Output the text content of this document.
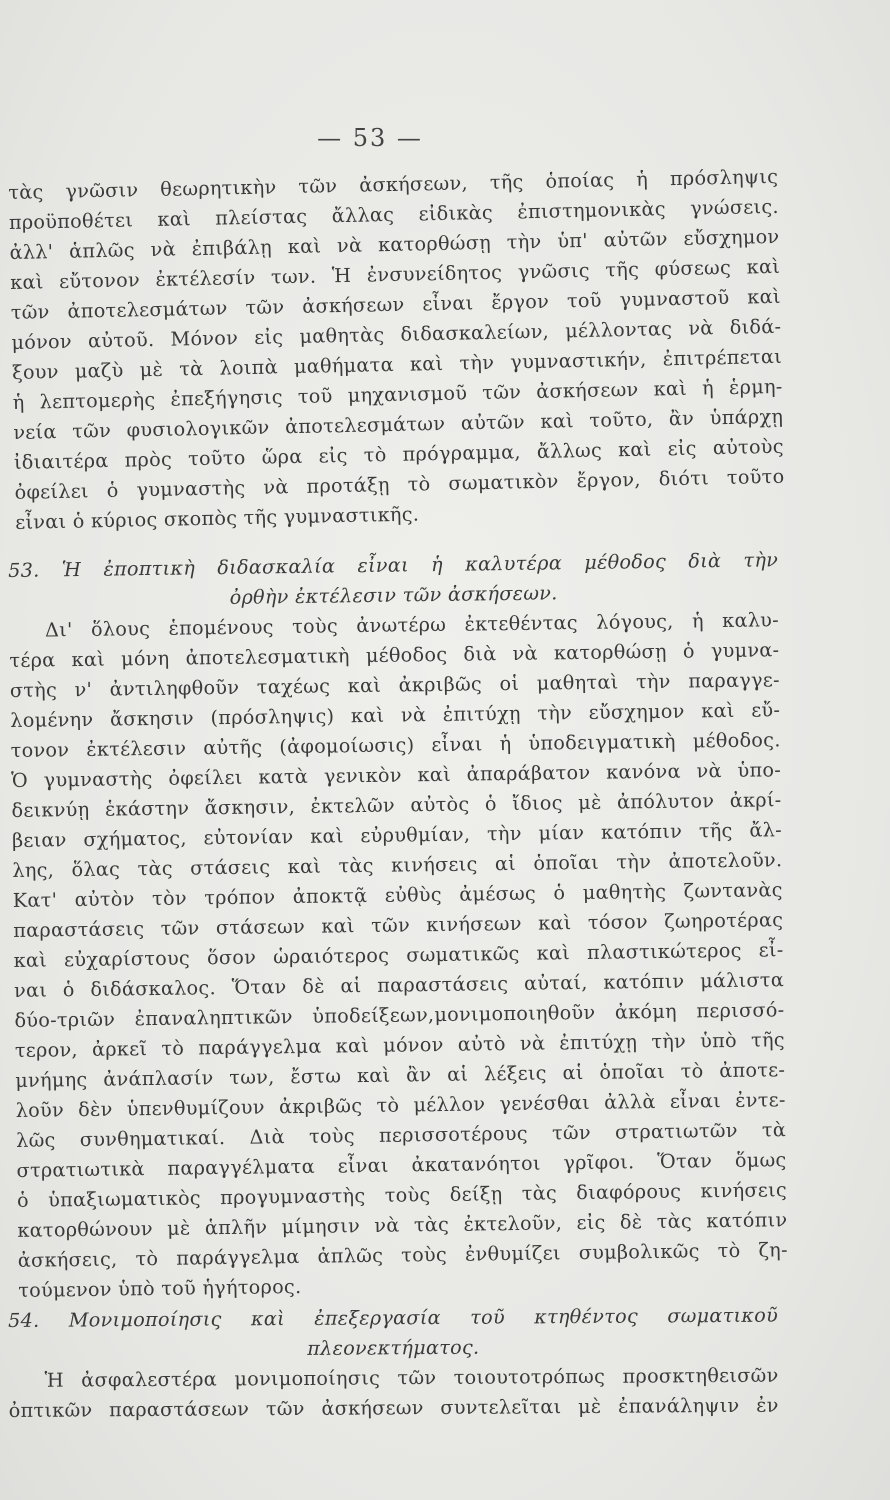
— 53 —
τὰς γνῶσιν θεωρητικὴν τῶν ἀσκήσεων, τῆς ὁποίας ἡ πρόσληψις
προϋποθέτει καὶ πλείστας ἄλλας εἰδικὰς ἐπιστημονικὰς γνώσεις.
ἀλλ' ἁπλῶς νὰ ἐπιβάλῃ καὶ νὰ κατορθώσῃ τὴν ὑπ' αὐτῶν εὔσχημον
καὶ εὔτονον ἐκτέλεσίν των. Ἡ ἐνσυνείδητος γνῶσις τῆς φύσεως καὶ
τῶν ἀποτελεσμάτων τῶν ἀσκήσεων εἶναι ἔργον τοῦ γυμναστοῦ καὶ
μόνον αὐτοῦ. Μόνον εἰς μαθητὰς διδασκαλείων, μέλλοντας νὰ διδά-
ξουν μαζὺ μὲ τὰ λοιπὰ μαθήματα καὶ τὴν γυμναστικήν, ἐπιτρέπεται
ἡ λεπτομερὴς ἐπεξήγησις τοῦ μηχανισμοῦ τῶν ἀσκήσεων καὶ ἡ ἑρμη-
νεία τῶν φυσιολογικῶν ἀποτελεσμάτων αὐτῶν καὶ τοῦτο, ἂν ὑπάρχῃ
ἰδιαιτέρα πρὸς τοῦτο ὥρα εἰς τὸ πρόγραμμα, ἄλλως καὶ εἰς αὐτοὺς
ὀφείλει ὁ γυμναστὴς νὰ προτάξῃ τὸ σωματικὸν ἔργον, διότι τοῦτο
εἶναι ὁ κύριος σκοπὸς τῆς γυμναστικῆς.
53. Ἡ ἐποπτικὴ διδασκαλία εἶναι ἡ καλυτέρα μέθοδος διὰ τὴν
ὀρθὴν ἐκτέλεσιν τῶν ἀσκήσεων.
Δι' ὅλους ἑπομένους τοὺς ἀνωτέρω ἐκτεθέντας λόγους, ἡ καλυ-
τέρα καὶ μόνη ἀποτελεσματικὴ μέθοδος διὰ νὰ κατορθώσῃ ὁ γυμνα-
στὴς ν' ἀντιληφθοῦν ταχέως καὶ ἀκριβῶς οἱ μαθηταὶ τὴν παραγγε-
λομένην ἄσκησιν (πρόσληψις) καὶ νὰ ἐπιτύχῃ τὴν εὔσχημον καὶ εὔ-
τονον ἐκτέλεσιν αὐτῆς (ἀφομοίωσις) εἶναι ἡ ὑποδειγματικὴ μέθοδος.
Ὁ γυμναστὴς ὀφείλει κατὰ γενικὸν καὶ ἀπαράβατον κανόνα νὰ ὑπο-
δεικνύῃ ἑκάστην ἄσκησιν, ἐκτελῶν αὐτὸς ὁ ἴδιος μὲ ἀπόλυτον ἀκρί-
βειαν σχήματος, εὐτονίαν καὶ εὐρυθμίαν, τὴν μίαν κατόπιν τῆς ἄλ-
λης, ὅλας τὰς στάσεις καὶ τὰς κινήσεις αἱ ὁποῖαι τὴν ἀποτελοῦν.
Κατ' αὐτὸν τὸν τρόπον ἀποκτᾷ εὐθὺς ἀμέσως ὁ μαθητὴς ζωντανὰς
παραστάσεις τῶν στάσεων καὶ τῶν κινήσεων καὶ τόσον ζωηροτέρας
καὶ εὐχαρίστους ὅσον ὡραιότερος σωματικῶς καὶ πλαστικώτερος εἶ-
ναι ὁ διδάσκαλος. Ὅταν δὲ αἱ παραστάσεις αὐταί, κατόπιν μάλιστα
δύο-τριῶν ἐπαναληπτικῶν ὑποδείξεων,μονιμοποιηθοῦν ἀκόμη περισσό-
τερον, ἀρκεῖ τὸ παράγγελμα καὶ μόνον αὐτὸ νὰ ἐπιτύχῃ τὴν ὑπὸ τῆς
μνήμης ἀνάπλασίν των, ἔστω καὶ ἂν αἱ λέξεις αἱ ὁποῖαι τὸ ἀποτε-
λοῦν δὲν ὑπενθυμίζουν ἀκριβῶς τὸ μέλλον γενέσθαι ἀλλὰ εἶναι ἐντε-
λῶς συνθηματικαί. Διὰ τοὺς περισσοτέρους τῶν στρατιωτῶν τὰ
στρατιωτικὰ παραγγέλματα εἶναι ἀκατανόητοι γρῖφοι. Ὅταν ὅμως
ὁ ὑπαξιωματικὸς προγυμναστὴς τοὺς δείξῃ τὰς διαφόρους κινήσεις
κατορθώνουν μὲ ἁπλῆν μίμησιν νὰ τὰς ἐκτελοῦν, εἰς δὲ τὰς κατόπιν
ἀσκήσεις, τὸ παράγγελμα ἁπλῶς τοὺς ἐνθυμίζει συμβολικῶς τὸ ζη-
τούμενον ὑπὸ τοῦ ἡγήτορος.
54. Μονιμοποίησις καὶ ἐπεξεργασία τοῦ κτηθέντος σωματικοῦ
πλεονεκτήματος.
Ἡ ἀσφαλεστέρα μονιμοποίησις τῶν τοιουτοτρόπως προσκτηθεισῶν
ὀπτικῶν παραστάσεων τῶν ἀσκήσεων συντελεῖται μὲ ἐπανάληψιν ἐν
